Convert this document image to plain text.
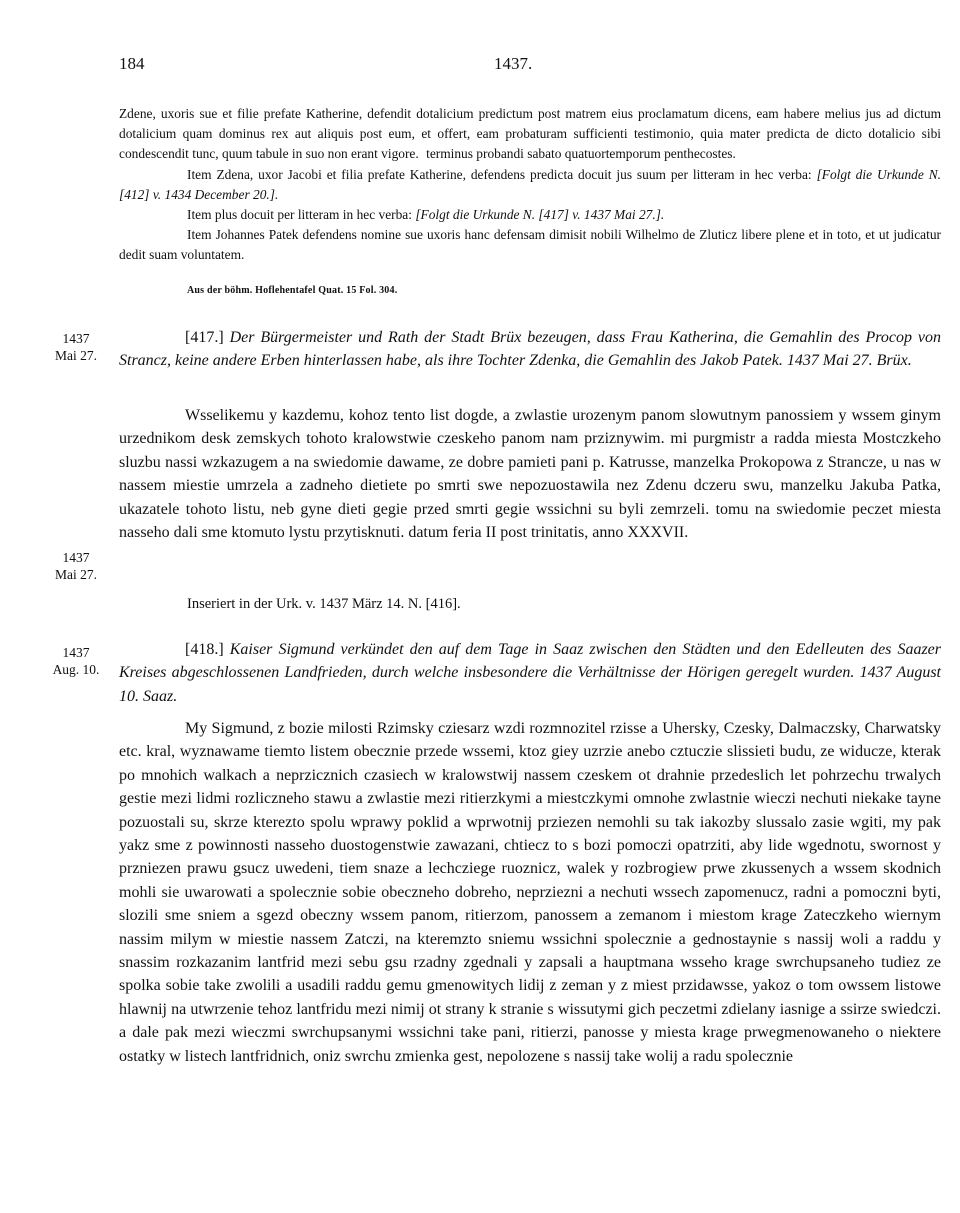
184	1437.

Zdene, uxoris sue et filie prefate Katherine, defendit dotalicium predictum post matrem eius proclamatum dicens, eam habere melius jus ad dictum dotalicium quam dominus rex aut aliquis post eum, et offert, eam probaturam sufficienti testimonio, quia mater predicta de dicto dotalicio sibi condescendit tunc, quum tabule in suo non erant vigore. terminus probandi sabato quatuortemporum penthecostes.

Item Zdena, uxor Jacobi et filia prefate Katherine, defendens predicta docuit jus suum per litteram in hec verba: [Folgt die Urkunde N. [412] v. 1434 December 20.].

Item plus docuit per litteram in hec verba: [Folgt die Urkunde N. [417] v. 1437 Mai 27.].

Item Johannes Patek defendens nomine sue uxoris hanc defensam dimisit nobili Wilhelmo de Zluticz libere plene et in toto, et ut judicatur dedit suam voluntatem.

Aus der böhm. Hoflehentafel Quat. 15 Fol. 304.
1437
Mai 27.
1437
Mai 27.
[417.] Der Bürgermeister und Rath der Stadt Brüx bezeugen, dass Frau Katherina, die Gemahlin des Procop von Strancz, keine andere Erben hinterlassen habe, als ihre Tochter Zdenka, die Gemahlin des Jakob Patek. 1437 Mai 27. Brüx.

Wsselikemu y kazdemu, kohoz tento list dogde, a zwlastie urozenym panom slowutnym panossiem y wssem ginym urzednikom desk zemskych tohoto kralowstwie czeskeho panom nam prziznywim. mi purgmistr a radda miesta Mostczkeho sluzbu nassi wzkazugem a na swiedomie dawame, ze dobre pamieti pani p. Katrusse, manzelka Prokopowa z Strancze, u nas w nassem miestie umrzela a zadneho dietiete po smrti swe nepozuostawila nez Zdenu dczeru swu, manzelku Jakuba Patka, ukazatele tohoto listu, neb gyne dieti gegie przed smrti gegie wssichni su byli zemrzeli. tomu na swiedomie peczet miesta nasseho dali sme ktomuto lystu przytisknuti. datum feria II post trinitatis, anno XXXVII.

Inseriert in der Urk. v. 1437 März 14. N. [416].
1437
Aug. 10.
[418.] Kaiser Sigmund verkündet den auf dem Tage in Saaz zwischen den Städten und den Edelleuten des Saazer Kreises abgeschlossenen Landfrieden, durch welche insbesondere die Verhältnisse der Hörigen geregelt wurden. 1437 August 10. Saaz.

My Sigmund, z bozie milosti Rzimsky cziesarz wzdi rozmnozitel rzisse a Uhersky, Czesky, Dalmaczsky, Charwatsky etc. kral, wyznawame tiemto listem obecznie przede wssemi, ktoz giey uzrzie anebo cztuczie slissieti budu, ze widucze, kterak po mnohich walkach a neprzicznich czasiech w kralowstwij nassem czeskem ot drahnie przedeslich let pohrzechu trwalych gestie mezi lidmi rozliczneho stawu a zwlastie mezi ritierzkymi a miestczkymi omnohe zwlastnie wieczi nechuti niekake tayne pozuostali su, skrze kterezto spolu wprawy poklid a wprwotnij prziezen nemohli su tak iakozby slussalo zasie wgiti, my pak yakz sme z powinnosti nasseho duostogenstwie zawazani, chtiecz to s bozi pomoczi opatrziti, aby lide wgednotu, swornost y przniezen prawu gsucz uwedeni, tiem snaze a lechcziege ruoznicz, walek y rozbrogiew prwe zkussenych a wssem skodnich mohli sie uwarowati a spolecznie sobie obeczneho dobreho, neprziezni a nechuti wssech zapomenucz, radni a pomoczni byti, slozili sme sniem a sgezd obeczny wssem panom, ritierzom, panossem a zemanom i miestom krage Zateczkeho wiernym nassim milym w miestie nassem Zatczi, na kteremzto sniemu wssichni spolecznie a gednostaynie s nassij woli a raddu y snassim rozkazanim lantfrid mezi sebu gsu rzadny zgednali y zapsali a hauptmana wsseho krage swrchupsaneho tudiez ze spolka sobie take zwolili a usadili raddu gemu gmenowitych lidij z zeman y z miest przidawsse, yakoz o tom owssem listowe hlawnij na utwrzenie tehoz lantfridu mezi nimij ot strany k stranie s wissutymi gich peczetmi zdielany iasnige a ssirze swiedczi. a dale pak mezi wieczmi swrchupsanymi wssichni take pani, ritierzi, panosse y miesta krage prwegmenowaneho o niektere ostatky w listech lantfridnich, oniz swrchu zmienka gest, nepolozene s nassij take wolij a radu spolecznie
